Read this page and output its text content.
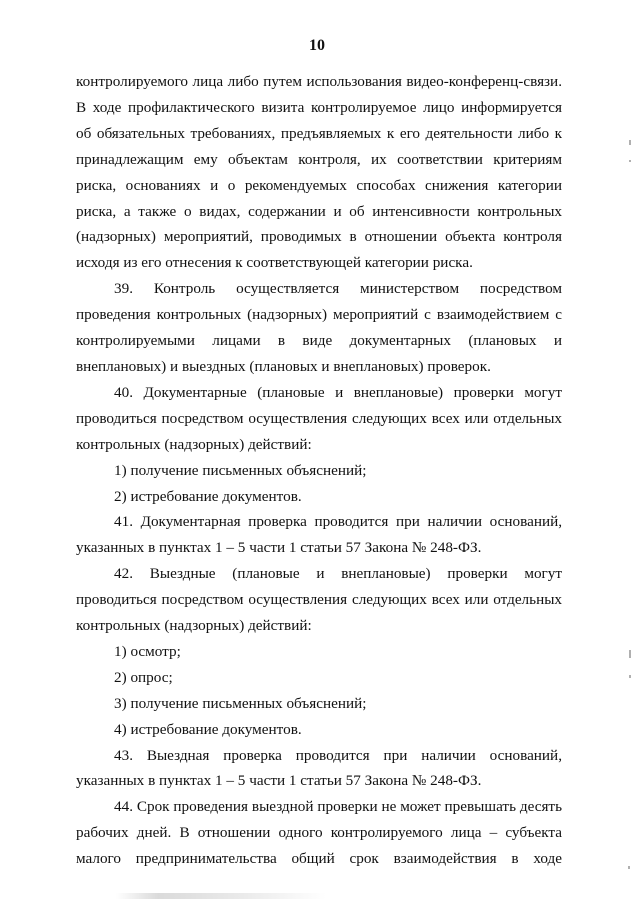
10

контролируемого лица либо путем использования видео-конференц-связи. В ходе профилактического визита контролируемое лицо информируется об обязательных требованиях, предъявляемых к его деятельности либо к принадлежащим ему объектам контроля, их соответствии критериям риска, основаниях и о рекомендуемых способах снижения категории риска, а также о видах, содержании и об интенсивности контрольных (надзорных) мероприятий, проводимых в отношении объекта контроля исходя из его отнесения к соответствующей категории риска.

39. Контроль осуществляется министерством посредством проведения контрольных (надзорных) мероприятий с взаимодействием с контролируемыми лицами в виде документарных (плановых и внеплановых) и выездных (плановых и внеплановых) проверок.

40. Документарные (плановые и внеплановые) проверки могут проводиться посредством осуществления следующих всех или отдельных контрольных (надзорных) действий:

1) получение письменных объяснений;

2) истребование документов.

41. Документарная проверка проводится при наличии оснований, указанных в пунктах 1 – 5 части 1 статьи 57 Закона № 248-ФЗ.

42. Выездные (плановые и внеплановые) проверки могут проводиться посредством осуществления следующих всех или отдельных контрольных (надзорных) действий:

1) осмотр;

2) опрос;

3) получение письменных объяснений;

4) истребование документов.

43. Выездная проверка проводится при наличии оснований, указанных в пунктах 1 – 5 части 1 статьи 57 Закона № 248-ФЗ.

44. Срок проведения выездной проверки не может превышать десять рабочих дней. В отношении одного контролируемого лица – субъекта малого предпринимательства общий срок взаимодействия в ходе
